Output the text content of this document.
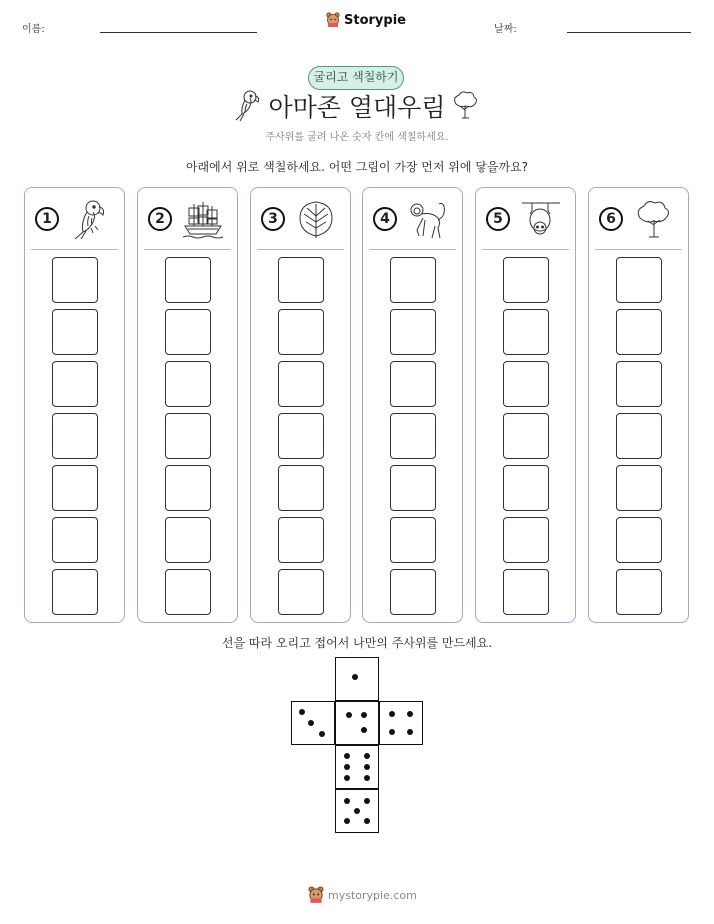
이름:
Storypie
날짜:
굴리고 색칠하기
아마존 열대우림
주사위를 굴려 나온 숫자 칸에 색칠하세요.
아래에서 위로 색칠하세요. 어떤 그림이 가장 먼저 위에 닿을까요?
1	2	3	4	5	6
선을 따라 오리고 접어서 나만의 주사위를 만드세요.
mystorypie.com
